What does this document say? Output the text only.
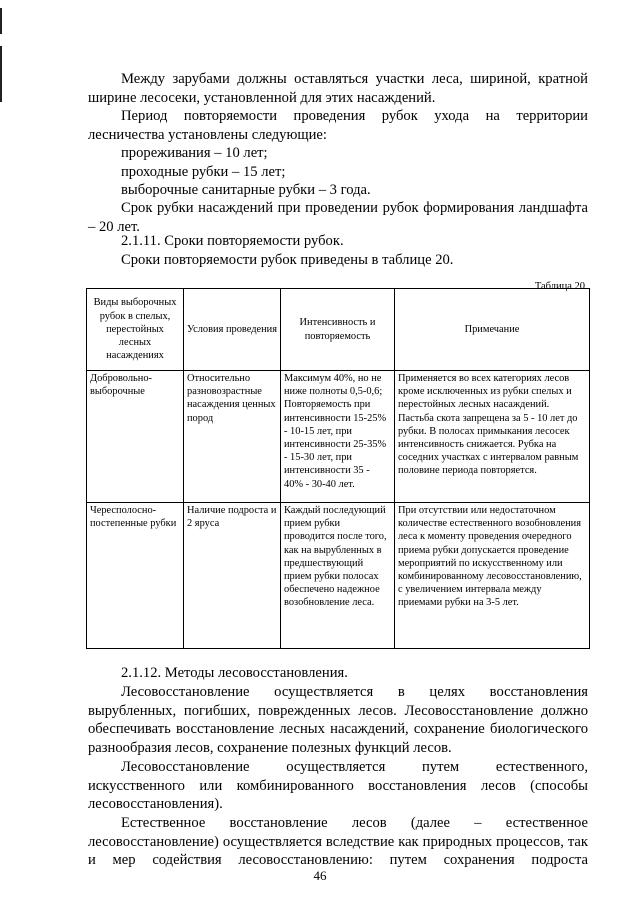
Между зарубами должны оставляться участки леса, шириной, кратной ширине лесосеки, установленной для этих насаждений.

Период повторяемости проведения рубок ухода на территории лесничества установлены следующие:

прореживания – 10 лет;

проходные рубки – 15 лет;

выборочные санитарные рубки – 3 года.

Срок рубки насаждений при проведении рубок формирования ландшафта – 20 лет.

2.1.11. Сроки повторяемости рубок.

Сроки повторяемости рубок приведены в таблице 20.

Таблица 20
Виды выборочных рубок в спелых, перестойных лесных насаждениях	Условия проведения	Интенсивность и повторяемость	Примечание
Добровольно-выборочные	Относительно разновозрастные насаждения ценных пород	Максимум 40%, но не ниже полноты 0,5-0,6; Повторяемость при интенсивности 15-25% - 10-15 лет, при интенсивности 25-35% - 15-30 лет, при интенсивности 35 - 40% - 30-40 лет.	Применяется во всех категориях лесов кроме исключенных из рубки спелых и перестойных лесных насаждений. Пастьба скота запрещена за 5 - 10 лет до рубки. В полосах примыкания лесосек интенсивность снижается. Рубка на соседних участках с интервалом равным половине периода повторяется.
Чересполосно-постепенные рубки	Наличие подроста и 2 яруса	Каждый последующий прием рубки проводится после того, как на вырубленных в предшествующий прием рубки полосах обеспечено надежное возобновление леса.	При отсутствии или недостаточном количестве естественного возобновления леса к моменту проведения очередного приема рубки допускается проведение мероприятий по искусственному или комбинированному лесовосстановлению, с увеличением интервала между приемами рубки на 3-5 лет.

2.1.12. Методы лесовосстановления.

Лесовосстановление осуществляется в целях восстановления вырубленных, погибших, поврежденных лесов. Лесовосстановление должно обеспечивать восстановление лесных насаждений, сохранение биологического разнообразия лесов, сохранение полезных функций лесов.

Лесовосстановление осуществляется путем естественного, искусственного или комбинированного восстановления лесов (способы лесовосстановления).

Естественное восстановление лесов (далее – естественное лесовосстановление) осуществляется вследствие как природных процессов, так и мер содействия лесовосстановлению: путем сохранения подроста

46
